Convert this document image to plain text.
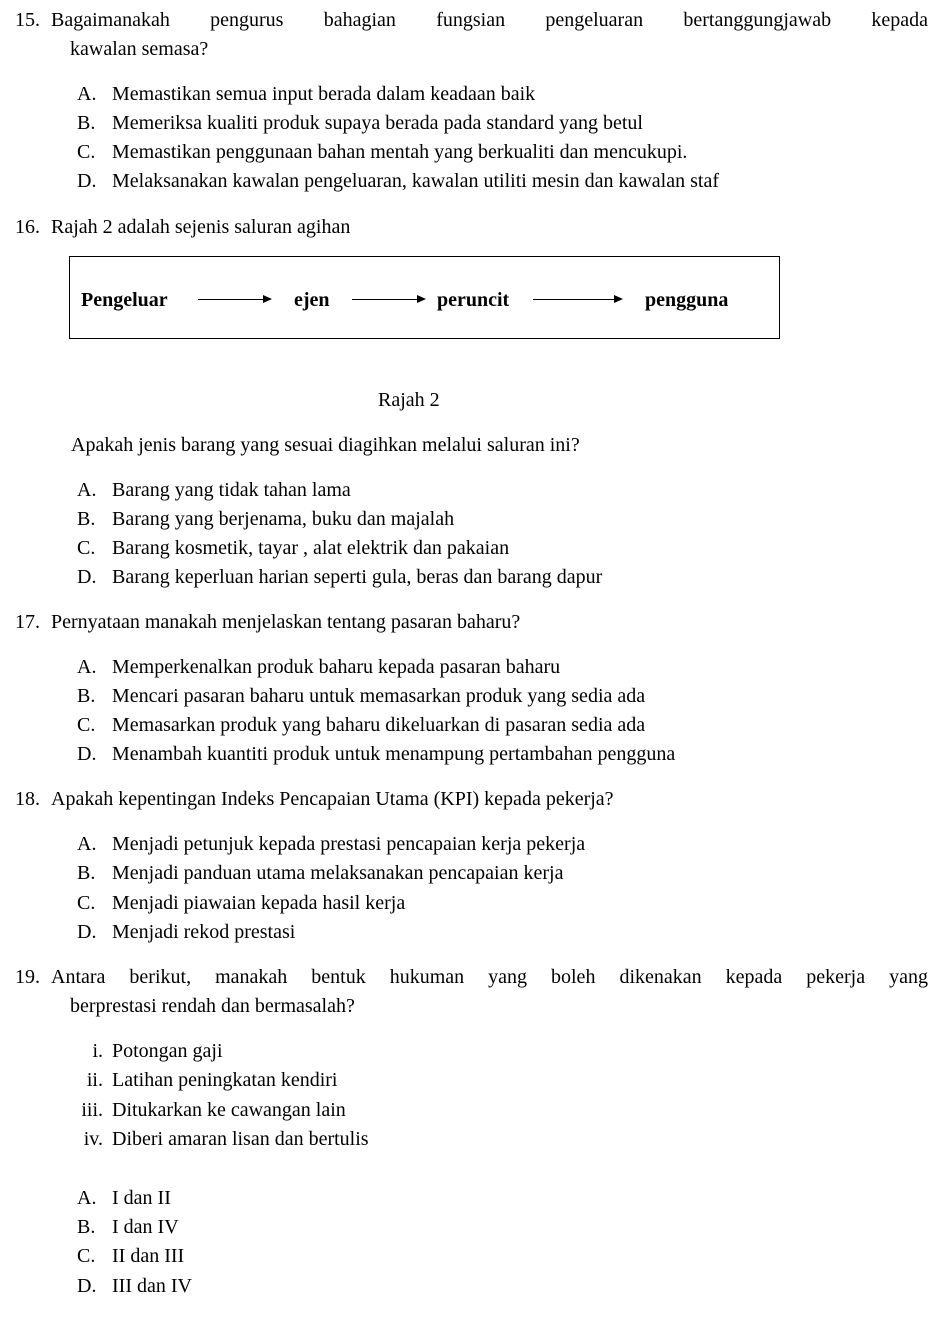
15. Bagaimanakah pengurus bahagian fungsian pengeluaran bertanggungjawab kepada
kawalan semasa?
A. Memastikan semua input berada dalam keadaan baik
B. Memeriksa kualiti produk supaya berada pada standard yang betul
C. Memastikan penggunaan bahan mentah yang berkualiti dan mencukupi.
D. Melaksanakan kawalan pengeluaran, kawalan utiliti mesin dan kawalan staf
16. Rajah 2 adalah sejenis saluran agihan
Pengeluar	ejen	peruncit	pengguna
Rajah 2
Apakah jenis barang yang sesuai diagihkan melalui saluran ini?
A. Barang yang tidak tahan lama
B. Barang yang berjenama, buku dan majalah
C. Barang kosmetik, tayar , alat elektrik dan pakaian
D. Barang keperluan harian seperti gula, beras dan barang dapur
17. Pernyataan manakah menjelaskan tentang pasaran baharu?
A. Memperkenalkan produk baharu kepada pasaran baharu
B. Mencari pasaran baharu untuk memasarkan produk yang sedia ada
C. Memasarkan produk yang baharu dikeluarkan di pasaran sedia ada
D. Menambah kuantiti produk untuk menampung pertambahan pengguna
18. Apakah kepentingan Indeks Pencapaian Utama (KPI) kepada pekerja?
A. Menjadi petunjuk kepada prestasi pencapaian kerja pekerja
B. Menjadi panduan utama melaksanakan pencapaian kerja
C. Menjadi piawaian kepada hasil kerja
D. Menjadi rekod prestasi
19. Antara berikut, manakah bentuk hukuman yang boleh dikenakan kepada pekerja yang
berprestasi rendah dan bermasalah?
i. Potongan gaji
ii. Latihan peningkatan kendiri
iii. Ditukarkan ke cawangan lain
iv. Diberi amaran lisan dan bertulis
A. I dan II
B. I dan IV
C. II dan III
D. III dan IV
